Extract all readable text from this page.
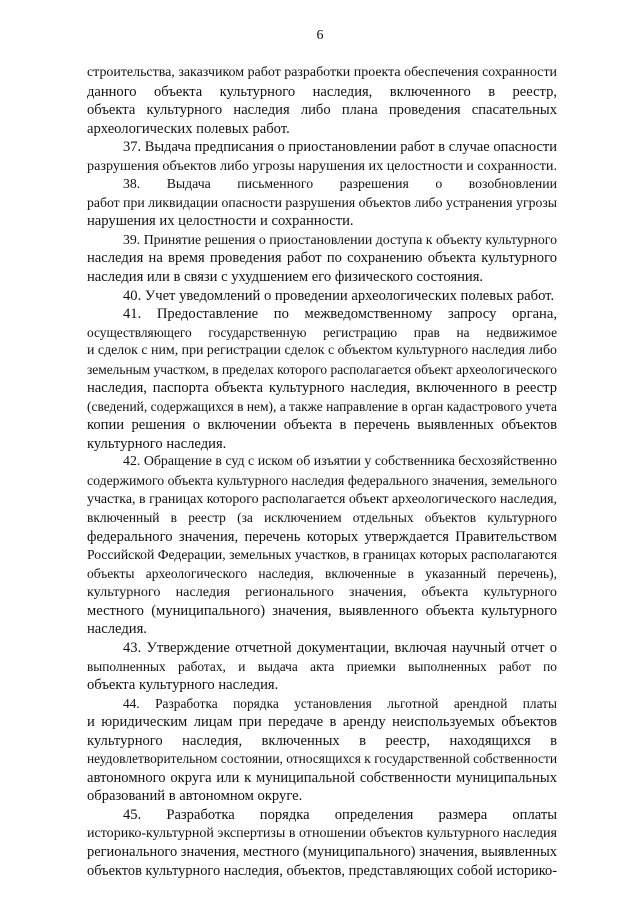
6
строительства, заказчиком работ разработки проекта обеспечения сохранности
данного объекта культурного наследия, включенного в реестр,
объекта культурного наследия либо плана проведения спасательных
археологических полевых работ.
37. Выдача предписания о приостановлении работ в случае опасности
разрушения объектов либо угрозы нарушения их целостности и сохранности.
38. Выдача письменного разрешения о возобновлении
работ при ликвидации опасности разрушения объектов либо устранения угрозы
нарушения их целостности и сохранности.
39. Принятие решения о приостановлении доступа к объекту культурного
наследия на время проведения работ по сохранению объекта культурного
наследия или в связи с ухудшением его физического состояния.
40. Учет уведомлений о проведении археологических полевых работ.
41. Предоставление по межведомственному запросу органа,
осуществляющего государственную регистрацию прав на недвижимое
и сделок с ним, при регистрации сделок с объектом культурного наследия либо
земельным участком, в пределах которого располагается объект археологического
наследия, паспорта объекта культурного наследия, включенного в реестр
(сведений, содержащихся в нем), а также направление в орган кадастрового учета
копии решения о включении объекта в перечень выявленных объектов
культурного наследия.
42. Обращение в суд с иском об изъятии у собственника бесхозяйственно
содержимого объекта культурного наследия федерального значения, земельного
участка, в границах которого располагается объект археологического наследия,
включенный в реестр (за исключением отдельных объектов культурного
федерального значения, перечень которых утверждается Правительством
Российской Федерации, земельных участков, в границах которых располагаются
объекты археологического наследия, включенные в указанный перечень),
культурного наследия регионального значения, объекта культурного
местного (муниципального) значения, выявленного объекта культурного
наследия.
43. Утверждение отчетной документации, включая научный отчет о
выполненных работах, и выдача акта приемки выполненных работ по
объекта культурного наследия.
44. Разработка порядка установления льготной арендной платы
и юридическим лицам при передаче в аренду неиспользуемых объектов
культурного наследия, включенных в реестр, находящихся в
неудовлетворительном состоянии, относящихся к государственной собственности
автономного округа или к муниципальной собственности муниципальных
образований в автономном округе.
45. Разработка порядка определения размера оплаты
историко-культурной экспертизы в отношении объектов культурного наследия
регионального значения, местного (муниципального) значения, выявленных
объектов культурного наследия, объектов, представляющих собой историко-
